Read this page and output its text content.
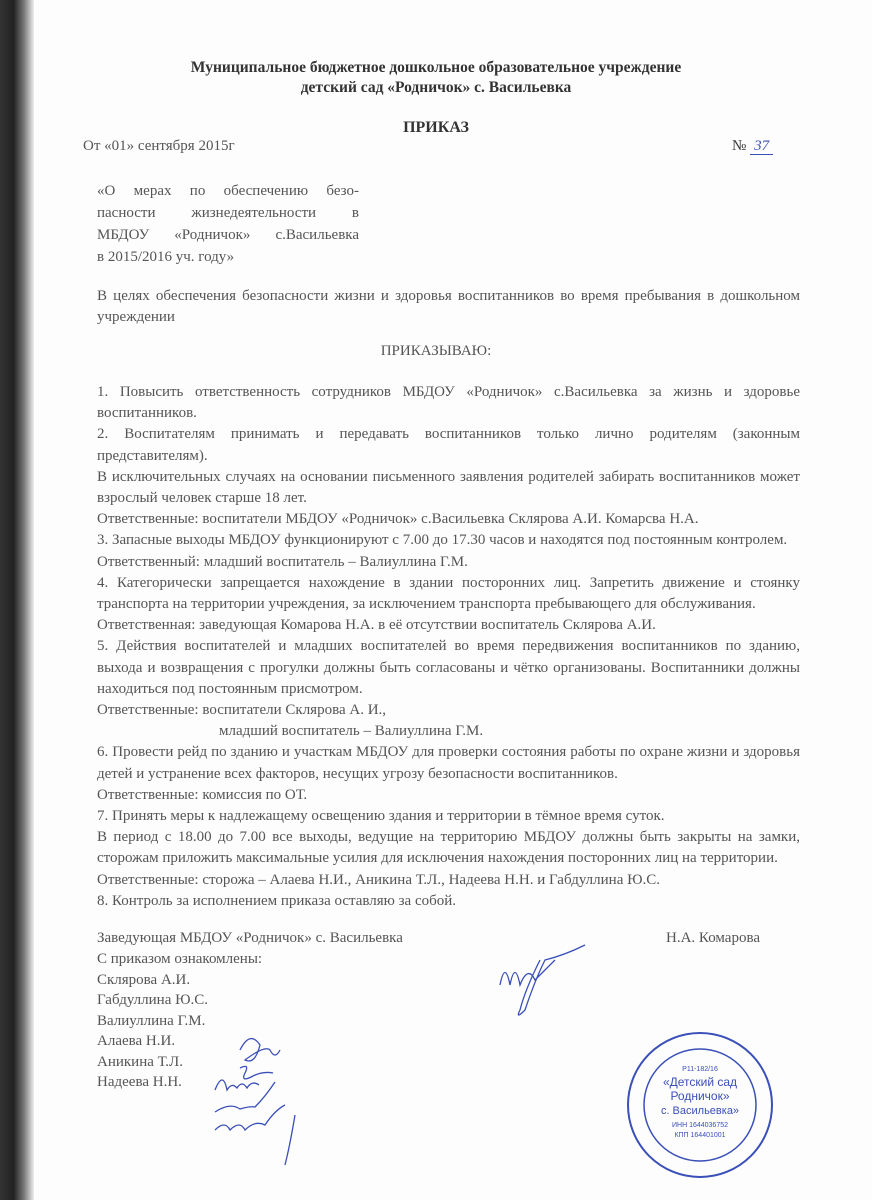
Муниципальное бюджетное дошкольное образовательное учреждение
детский сад «Родничок» с. Васильевка
ПРИКАЗ
От «01» сентября 2015г	№ 37
«О мерах по обеспечению безо-
пасности жизнедеятельности в
МБДОУ «Родничок» с.Васильевка
в 2015/2016 уч. году»
В целях обеспечения безопасности жизни и здоровья воспитанников во время пребывания в дошкольном учреждении
ПРИКАЗЫВАЮ:

1. Повысить ответственность сотрудников МБДОУ «Родничок» с.Васильевка за жизнь и здоровье воспитанников.

2. Воспитателям принимать и передавать воспитанников только лично родителям (законным представителям).

В исключительных случаях на основании письменного заявления родителей забирать воспитанников может взрослый человек старше 18 лет.

Ответственные: воспитатели МБДОУ «Родничок» с.Васильевка Склярова А.И. Комарсва Н.А.

3. Запасные выходы МБДОУ функционируют с 7.00 до 17.30 часов и находятся под постоянным контролем.

Ответственный: младший воспитатель – Валиуллина Г.М.

4. Категорически запрещается нахождение в здании посторонних лиц. Запретить движение и стоянку транспорта на территории учреждения, за исключением транспорта пребывающего для обслуживания.

Ответственная: заведующая Комарова Н.А. в её отсутствии воспитатель Склярова А.И.

5. Действия воспитателей и младших воспитателей во время передвижения воспитанников по зданию, выхода и возвращения с прогулки должны быть согласованы и чётко организованы. Воспитанники должны находиться под постоянным присмотром.

Ответственные: воспитатели Склярова А. И.,

младший воспитатель – Валиуллина Г.М.

6. Провести рейд по зданию и участкам МБДОУ для проверки состояния работы по охране жизни и здоровья детей и устранение всех факторов, несущих угрозу безопасности воспитанников.

Ответственные: комиссия по ОТ.

7. Принять меры к надлежащему освещению здания и территории в тёмное время суток.

В период с 18.00 до 7.00 все выходы, ведущие на территорию МБДОУ должны быть закрыты на замки, сторожам приложить максимальные усилия для исключения нахождения посторонних лиц на территории.

Ответственные: сторожа – Алаева Н.И., Аникина Т.Л., Надеева Н.Н. и Габдуллина Ю.С.

8. Контроль за исполнением приказа оставляю за собой.

Заведующая МБДОУ «Родничок» с. Васильевка	Н.А. Комарова
С приказом ознакомлены:
Склярова А.И.
Габдуллина Ю.С.
Валиуллина Г.М.
Алаева Н.И.
Аникина Т.Л.
Надеева Н.Н.
Р11-182/16
«Детский сад
Родничок»
с. Васильевка»
ИНН 1644036752
КПП 164401001
